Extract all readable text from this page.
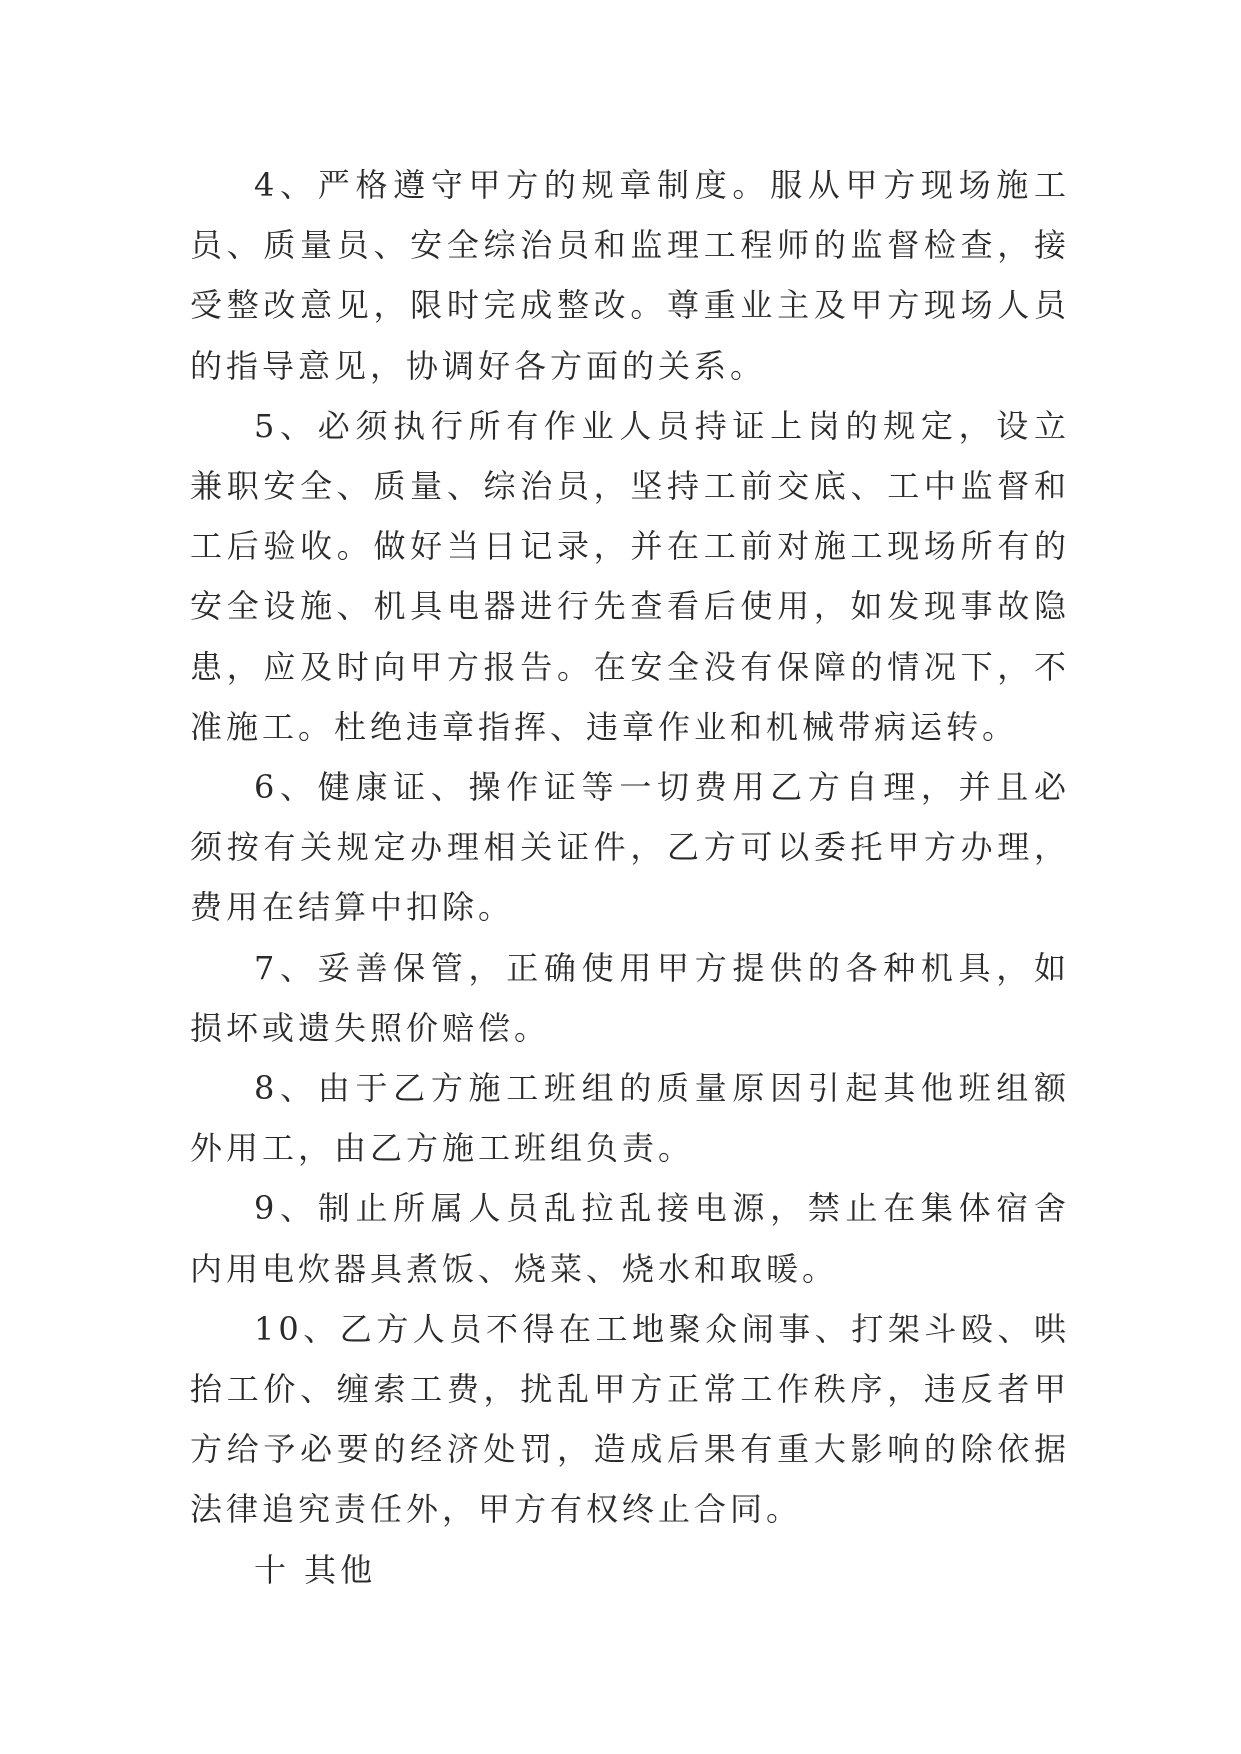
4、严格遵守甲方的规章制度。服从甲方现场施工员、质量员、安全综治员和监理工程师的监督检查，接受整改意见，限时完成整改。尊重业主及甲方现场人员的指导意见，协调好各方面的关系。

5、必须执行所有作业人员持证上岗的规定，设立兼职安全、质量、综治员，坚持工前交底、工中监督和工后验收。做好当日记录，并在工前对施工现场所有的安全设施、机具电器进行先查看后使用，如发现事故隐患，应及时向甲方报告。在安全没有保障的情况下，不准施工。杜绝违章指挥、违章作业和机械带病运转。

6、健康证、操作证等一切费用乙方自理，并且必须按有关规定办理相关证件，乙方可以委托甲方办理，费用在结算中扣除。

7、妥善保管，正确使用甲方提供的各种机具，如损坏或遗失照价赔偿。

8、由于乙方施工班组的质量原因引起其他班组额外用工，由乙方施工班组负责。

9、制止所属人员乱拉乱接电源，禁止在集体宿舍内用电炊器具煮饭、烧菜、烧水和取暖。

10、乙方人员不得在工地聚众闹事、打架斗殴、哄抬工价、缠索工费，扰乱甲方正常工作秩序，违反者甲方给予必要的经济处罚，造成后果有重大影响的除依据法律追究责任外，甲方有权终止合同。

十 其他
